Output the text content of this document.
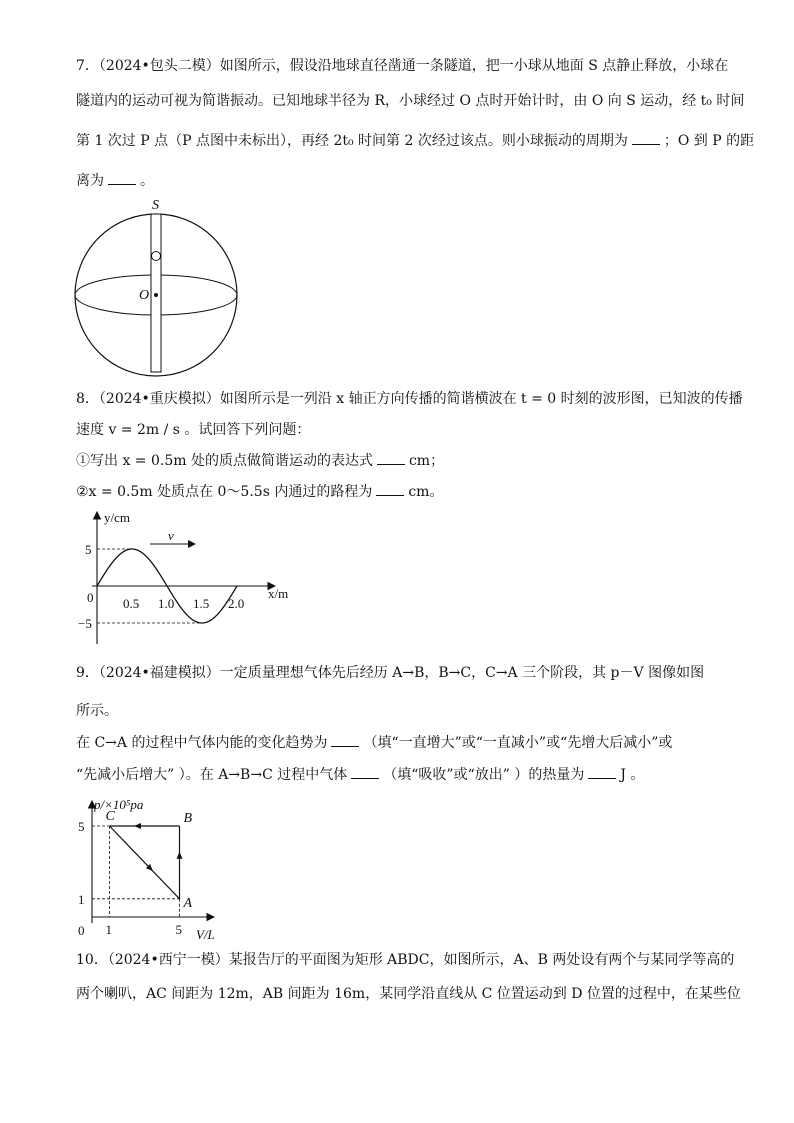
7．（2024•包头二模）如图所示，假设沿地球直径凿通一条隧道，把一小球从地面 S 点静止释放，小球在
隧道内的运动可视为简谐振动。已知地球半径为 R，小球经过 O 点时开始计时，由 O 向 S 运动，经 t₀ 时间
第 1 次过 P 点（P 点图中未标出），再经 2t₀ 时间第 2 次经过该点。则小球振动的周期为	；O 到 P 的距
离为	。
S
O
8．（2024•重庆模拟）如图所示是一列沿 x 轴正方向传播的简谐横波在 t = 0 时刻的波形图，已知波的传播
速度 v = 2m / s 。试回答下列问题：
①写出 x = 0.5m 处的质点做简谐运动的表达式	cm；
②x = 0.5m 处质点在 0～5.5s 内通过的路程为	cm。
v
y/cm
x/m
0 0.5 1.0 1.5 2.0
5
−5
9．（2024•福建模拟）一定质量理想气体先后经历 A→B，B→C，C→A 三个阶段，其 p－V 图像如图
所示。
在 C→A 的过程中气体内能的变化趋势为	（填“一直增大”或“一直减小”或“先增大后减小”或
“先减小后增大” ）。在 A→B→C 过程中气体	（填“吸收”或“放出” ）的热量为	J 。
A
B
C
p/×10⁵pa
V/L
0 1	5
5
1
10．（2024•西宁一模）某报告厅的平面图为矩形 ABDC，如图所示，A、B 两处设有两个与某同学等高的
两个喇叭，AC 间距为 12m，AB 间距为 16m，某同学沿直线从 C 位置运动到 D 位置的过程中，在某些位
